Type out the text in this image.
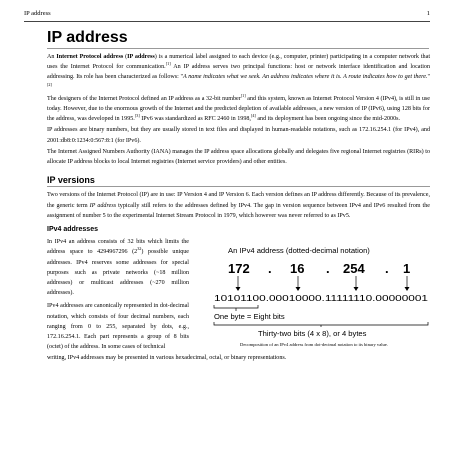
IP address	1
IP address

An Internet Protocol address (IP address) is a numerical label assigned to each device (e.g., computer, printer) participating in a computer network that uses the Internet Protocol for communication.[1] An IP address serves two principal functions: host or network interface identification and location addressing. Its role has been characterized as follows: "A name indicates what we seek. An address indicates where it is. A route indicates how to get there."[2]

The designers of the Internet Protocol defined an IP address as a 32-bit number[1] and this system, known as Internet Protocol Version 4 (IPv4), is still in use today. However, due to the enormous growth of the Internet and the predicted depletion of available addresses, a new version of IP (IPv6), using 128 bits for the address, was developed in 1995.[3] IPv6 was standardized as RFC 2460 in 1998,[4] and its deployment has been ongoing since the mid-2000s.

IP addresses are binary numbers, but they are usually stored in text files and displayed in human-readable notations, such as 172.16.254.1 (for IPv4), and 2001:db8:0:1234:0:567:8:1 (for IPv6).

The Internet Assigned Numbers Authority (IANA) manages the IP address space allocations globally and delegates five regional Internet registries (RIRs) to allocate IP address blocks to local Internet registries (Internet service providers) and other entities.

IP versions

Two versions of the Internet Protocol (IP) are in use: IP Version 4 and IP Version 6. Each version defines an IP address differently. Because of its prevalence, the generic term IP address typically still refers to the addresses defined by IPv4. The gap in version sequence between IPv4 and IPv6 resulted from the assignment of number 5 to the experimental Internet Stream Protocol in 1979, which however was never referred to as IPv5.

IPv4 addresses

In IPv4 an address consists of 32 bits which limits the address space to 4294967296 $(2^{32})$ possible unique addresses. IPv4 reserves some addresses for special purposes such as private networks (~18 million addresses) or multicast addresses (~270 million addresses).

IPv4 addresses are canonically represented in dot-decimal notation, which consists of four decimal numbers, each ranging from 0 to 255, separated by dots, e.g., 172.16.254.1. Each part represents a group of 8 bits (octet) of the address. In some cases of technical

An IPv4 address (dotted-decimal notation)
172 . 16 . 254 . 1
10101100.00010000.11111110.00000001
One byte = Eight bits
Thirty-two bits (4 x 8), or 4 bytes
Decomposition of an IPv4 address from dot-decimal notation to its binary value.

writing, IPv4 addresses may be presented in various hexadecimal, octal, or binary representations.
